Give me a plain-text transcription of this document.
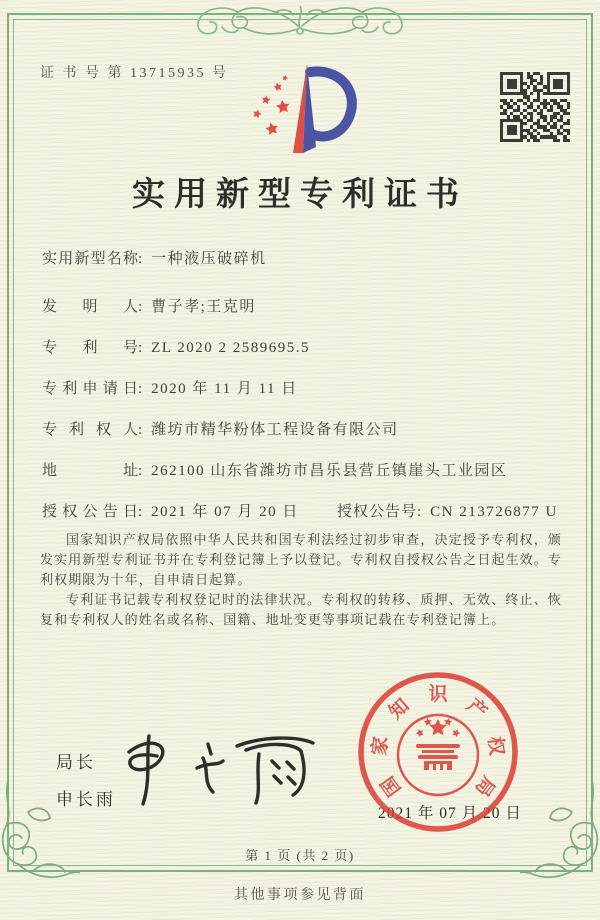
证 书 号 第 13715935 号
实用新型专利证书
实用新型名称 : 一种液压破碎机
发明人 : 曹子孝;王克明
专利号 : ZL 2020 2 2589695.5
专利申请日 : 2020 年 11 月 11 日
专利权人 : 潍坊市精华粉体工程设备有限公司
地址 : 262100 山东省潍坊市昌乐县营丘镇崖头工业园区
授权公告日 : 2021 年 07 月 20 日	授权公告号: CN 213726877 U

国家知识产权局依照中华人民共和国专利法经过初步审查，决定授予专利权，颁发实用新型专利证书并在专利登记簿上予以登记。专利权自授权公告之日起生效。专利权期限为十年，自申请日起算。

专利证书记载专利权登记时的法律状况。专利权的转移、质押、无效、终止、恢复和专利权人的姓名或名称、国籍、地址变更等事项记载在专利登记簿上。

局长
申长雨
2021 年 07 月 20 日
国
家
知
识
产
权
局
第 1 页 (共 2 页)
其他事项参见背面
